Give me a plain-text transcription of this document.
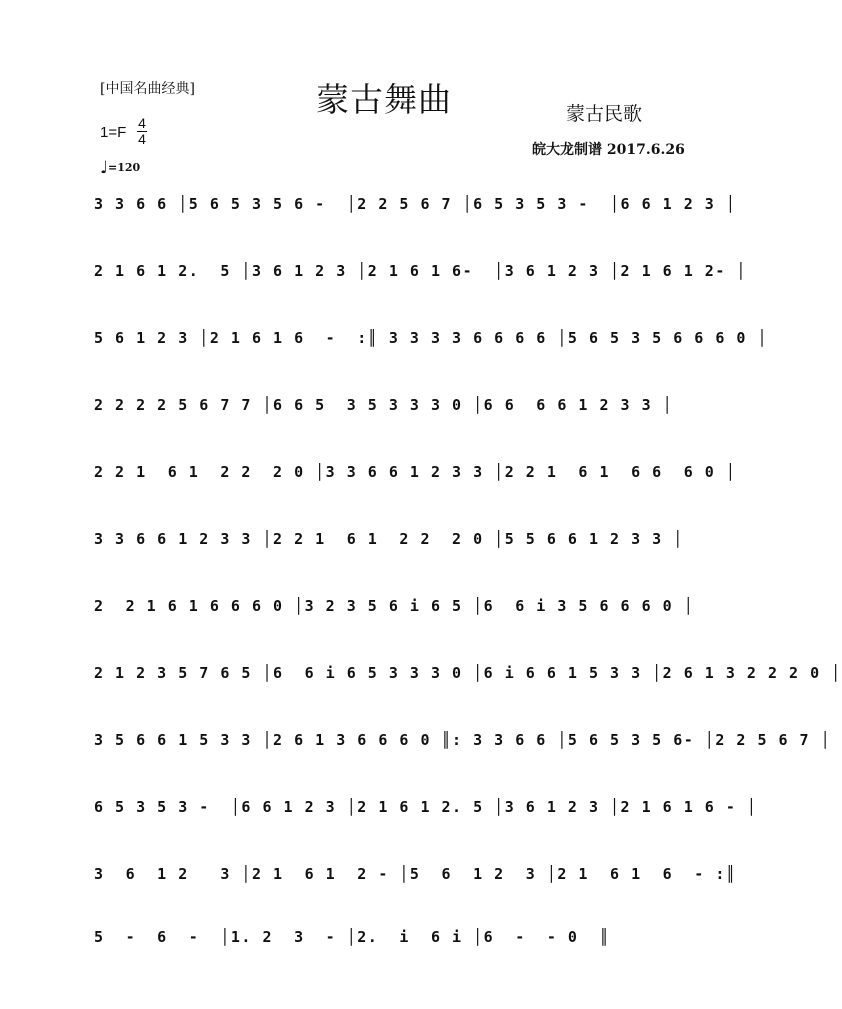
[中国名曲经典]	蒙古舞曲	蒙古民歌
1=F
4
4
♩=120
皖大龙制谱 2017.6.26
3 3 6 6 │5 6 5 3 5 6 -  │2 2 5 6 7 │6 5 3 5 3 -  │6 6 1 2 3 │
2 1 6 1 2.  5 │3 6 1 2 3 │2 1 6 1 6-  │3 6 1 2 3 │2 1 6 1 2- │
5 6 1 2 3 │2 1 6 1 6  -  :║ 3 3 3 3 6 6 6 6 │5 6 5 3 5 6 6 6 0 │
2 2 2 2 5 6 7 7 │6 6 5  3 5 3 3 3 0 │6 6  6 6 1 2 3 3 │
2 2 1  6 1  2 2  2 0 │3 3 6 6 1 2 3 3 │2 2 1  6 1  6 6  6 0 │
3 3 6 6 1 2 3 3 │2 2 1  6 1  2 2  2 0 │5 5 6 6 1 2 3 3 │
2  2 1 6 1 6 6 6 0 │3 2 3 5 6 i 6 5 │6  6 i 3 5 6 6 6 0 │
2 1 2 3 5 7 6 5 │6  6 i 6 5 3 3 3 0 │6 i 6 6 1 5 3 3 │2 6 1 3 2 2 2 0 │
3 5 6 6 1 5 3 3 │2 6 1 3 6 6 6 0 ║: 3 3 6 6 │5 6 5 3 5 6- │2 2 5 6 7 │
6 5 3 5 3 -  │6 6 1 2 3 │2 1 6 1 2. 5 │3 6 1 2 3 │2 1 6 1 6 - │
3  6  1 2   3 │2 1  6 1  2 - │5  6  1 2  3 │2 1  6 1  6  - :║
5  -  6  -  │1. 2  3  - │2.  i  6 i │6  -  - 0  ║
